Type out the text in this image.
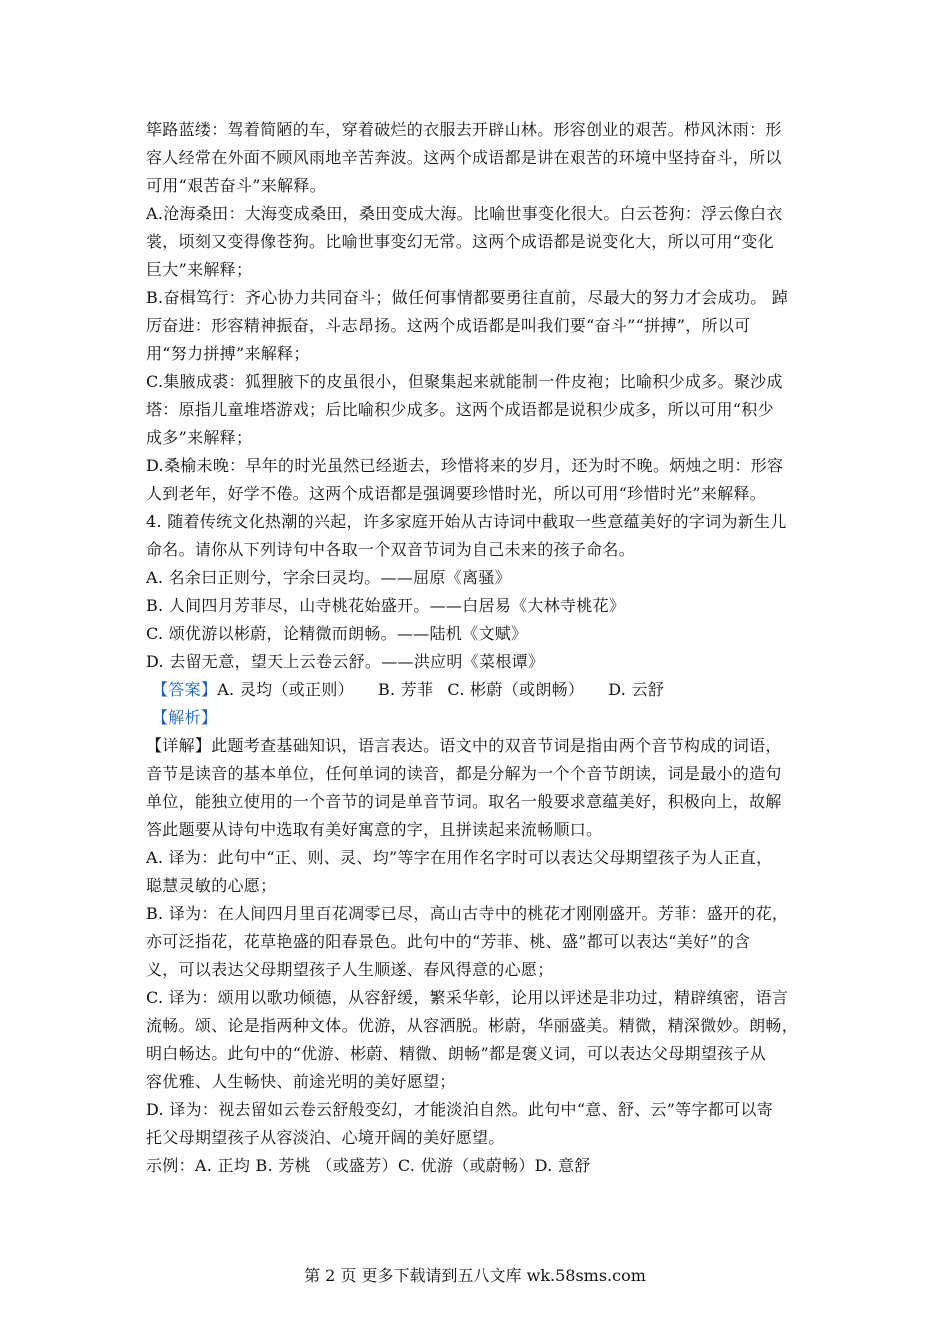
筚路蓝缕：驾着简陋的车，穿着破烂的衣服去开辟山林。形容创业的艰苦。栉风沐雨：形
容人经常在外面不顾风雨地辛苦奔波。这两个成语都是讲在艰苦的环境中坚持奋斗，所以
可用“艰苦奋斗”来解释。
A.沧海桑田：大海变成桑田，桑田变成大海。比喻世事变化很大。白云苍狗：浮云像白衣
裳，顷刻又变得像苍狗。比喻世事变幻无常。这两个成语都是说变化大，所以可用“变化
巨大”来解释；
B.奋楫笃行：齐心协力共同奋斗；做任何事情都要勇往直前，尽最大的努力才会成功。 踔
厉奋进：形容精神振奋，斗志昂扬。这两个成语都是叫我们要“奋斗”“拼搏”，所以可
用“努力拼搏”来解释；
C.集腋成裘：狐狸腋下的皮虽很小，但聚集起来就能制一件皮袍；比喻积少成多。聚沙成
塔：原指儿童堆塔游戏；后比喻积少成多。这两个成语都是说积少成多，所以可用“积少
成多”来解释；
D.桑榆未晚：早年的时光虽然已经逝去，珍惜将来的岁月，还为时不晚。炳烛之明：形容
人到老年，好学不倦。这两个成语都是强调要珍惜时光，所以可用“珍惜时光”来解释。
4. 随着传统文化热潮的兴起，许多家庭开始从古诗词中截取一些意蕴美好的字词为新生儿
命名。请你从下列诗句中各取一个双音节词为自己未来的孩子命名。
A. 名余曰正则兮，字余曰灵均。——屈原《离骚》
B. 人间四月芳菲尽，山寺桃花始盛开。——白居易《大林寺桃花》
C. 颂优游以彬蔚，论精微而朗畅。——陆机《文赋》
D. 去留无意，望天上云卷云舒。——洪应明《菜根谭》
【答案】A. 灵均（或正则） B. 芳菲 C. 彬蔚（或朗畅） D. 云舒
【解析】
【详解】此题考查基础知识，语言表达。语文中的双音节词是指由两个音节构成的词语，
音节是读音的基本单位，任何单词的读音，都是分解为一个个音节朗读，词是最小的造句
单位，能独立使用的一个音节的词是单音节词。取名一般要求意蕴美好，积极向上，故解
答此题要从诗句中选取有美好寓意的字，且拼读起来流畅顺口。
A. 译为：此句中“正、则、灵、均”等字在用作名字时可以表达父母期望孩子为人正直，
聪慧灵敏的心愿；
B. 译为：在人间四月里百花凋零已尽，高山古寺中的桃花才刚刚盛开。芳菲：盛开的花，
亦可泛指花，花草艳盛的阳春景色。此句中的“芳菲、桃、盛”都可以表达“美好”的含
义，可以表达父母期望孩子人生顺遂、春风得意的心愿；
C. 译为：颂用以歌功倾德，从容舒缓，繁采华彰，论用以评述是非功过，精辟缜密，语言
流畅。颂、论是指两种文体。优游，从容洒脱。彬蔚，华丽盛美。精微，精深微妙。朗畅，
明白畅达。此句中的“优游、彬蔚、精微、朗畅”都是褒义词，可以表达父母期望孩子从
容优雅、人生畅快、前途光明的美好愿望；
D. 译为：视去留如云卷云舒般变幻，才能淡泊自然。此句中“意、舒、云”等字都可以寄
托父母期望孩子从容淡泊、心境开阔的美好愿望。
示例：A. 正均 B. 芳桃 （或盛芳）C. 优游（或蔚畅）D. 意舒
第 2 页 更多下载请到五八文库 wk.58sms.com
